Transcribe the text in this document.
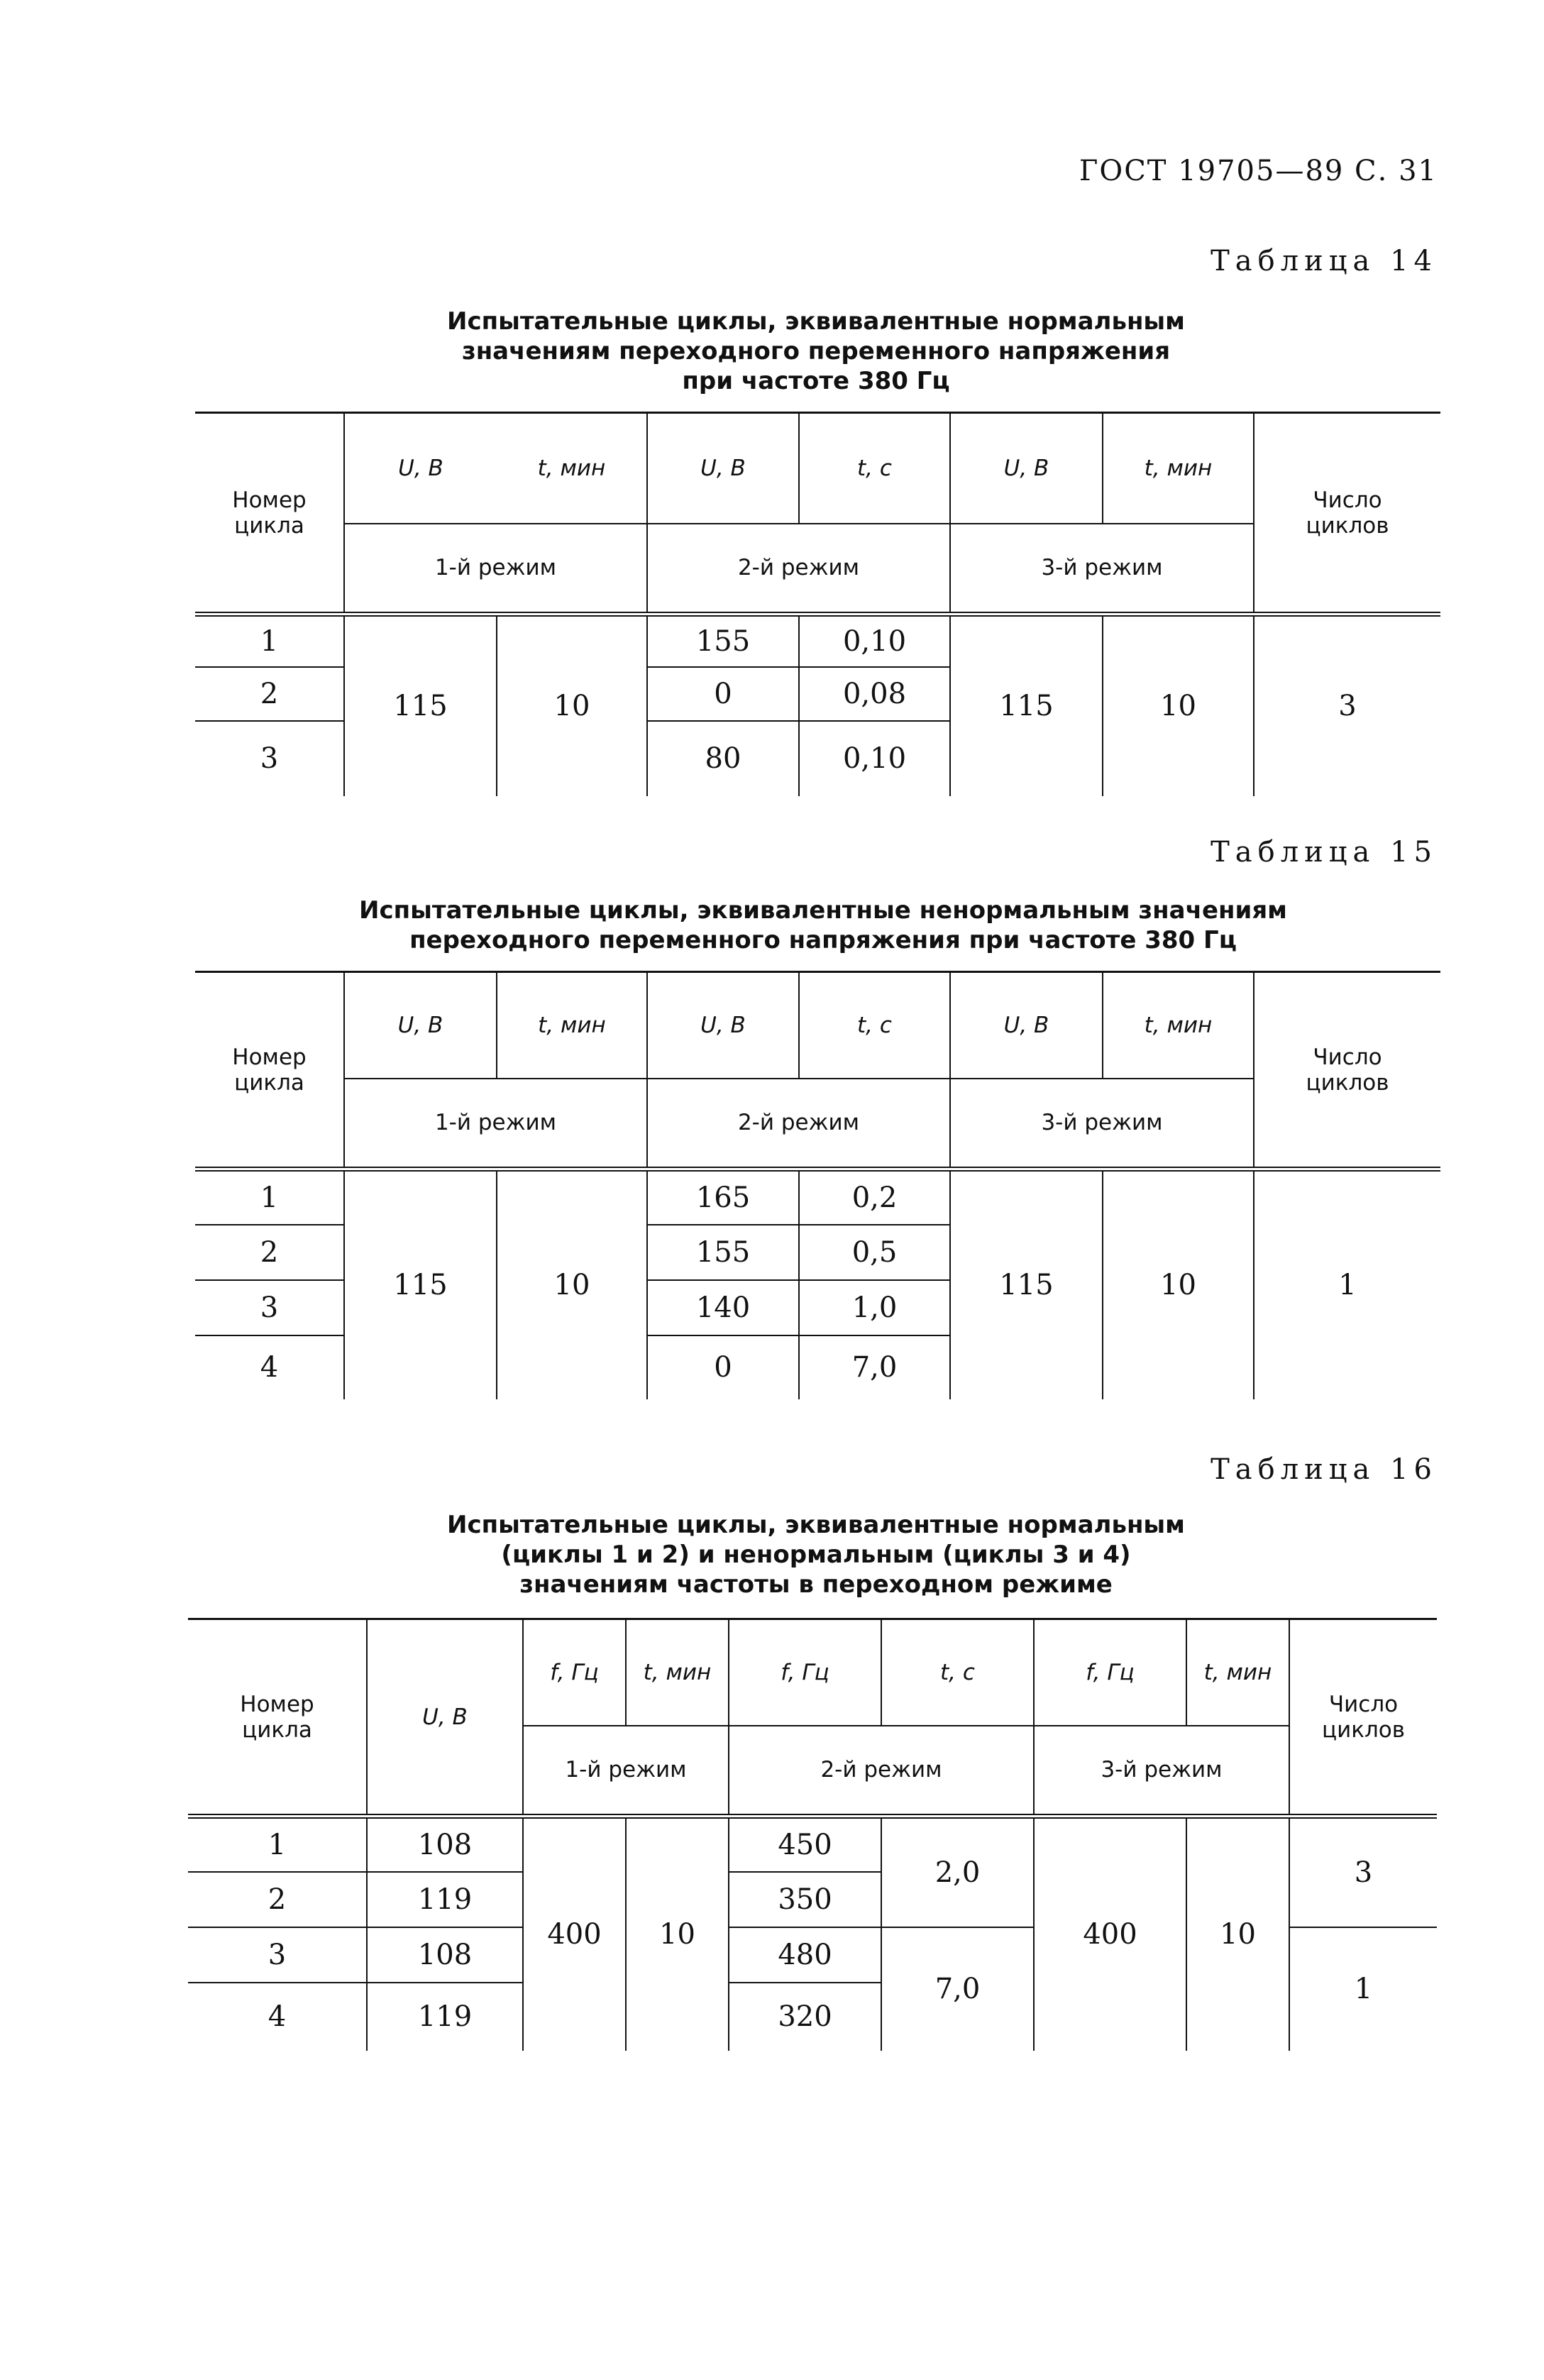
ГОСТ 19705—89 С. 31
Таблица 14
Испытательные циклы, эквивалентные нормальным
значениям переходного переменного напряжения
при частоте 380 Гц
Номер
цикла	U, В	t, мин	U, В	t, с	U, В	t, мин	Число
циклов
	1-й режим		2-й режим		3-й режим		
1	115	10	155	0,10	115	10	3
2			0	0,08			
3			80	0,10			
Таблица 15
Испытательные циклы, эквивалентные ненормальным значениям
переходного переменного напряжения при частоте 380 Гц
Номер
цикла	U, В	t, мин	U, В	t, с	U, В	t, мин	Число
циклов
	1-й режим		2-й режим		3-й режим		
1	115	10	165	0,2	115	10	1
2			155	0,5			
3			140	1,0			
4			0	7,0			
Таблица 16
Испытательные циклы, эквивалентные нормальным
(циклы 1 и 2) и ненормальным (циклы 3 и 4)
значениям частоты в переходном режиме
Номер
цикла	U, В	f, Гц	t, мин	f, Гц	t, с	f, Гц	t, мин	Число
циклов
		1-й режим		2-й режим		3-й режим		
1	108	400	10	450	2,0	400	10	3
2	119			350				
3	108			480	7,0			1
4	119			320				
